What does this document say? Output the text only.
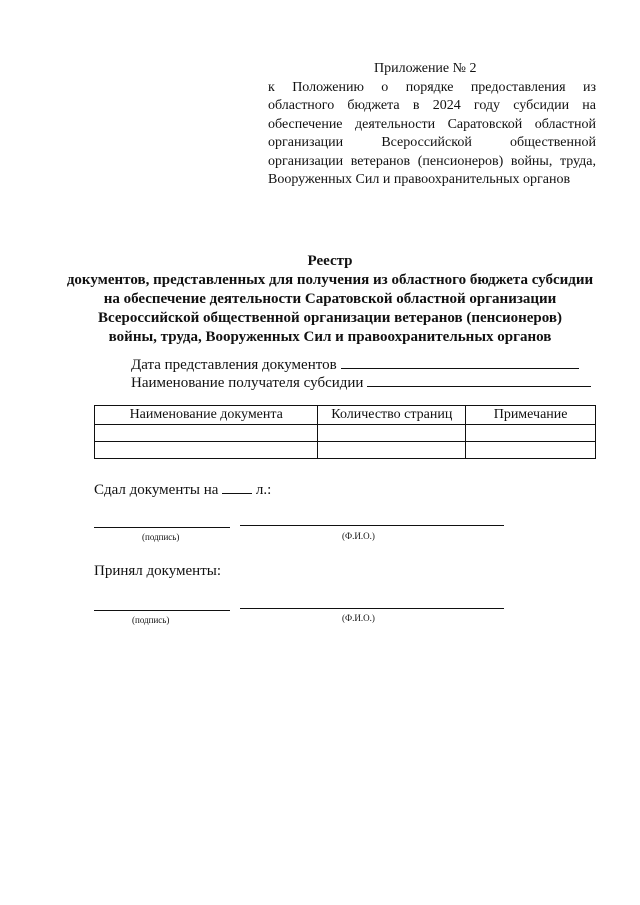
Приложение № 2
к Положению о порядке предоставления из областного бюджета в 2024 году субсидии на обеспечение деятельности Саратовской областной организации Всероссийской общественной организации ветеранов (пенсионеров) войны, труда, Вооруженных Сил и правоохранительных органов
Реестр
документов, представленных для получения из областного бюджета субсидии
на обеспечение деятельности Саратовской областной организации
Всероссийской общественной организации ветеранов (пенсионеров)
войны, труда, Вооруженных Сил и правоохранительных органов
Дата представления документов
Наименование получателя субсидии
Наименование документа	Количество страниц	Примечание

Сдал документы на	л.:
(подпись)	(Ф.И.О.)
Принял документы:
(подпись)	(Ф.И.О.)
